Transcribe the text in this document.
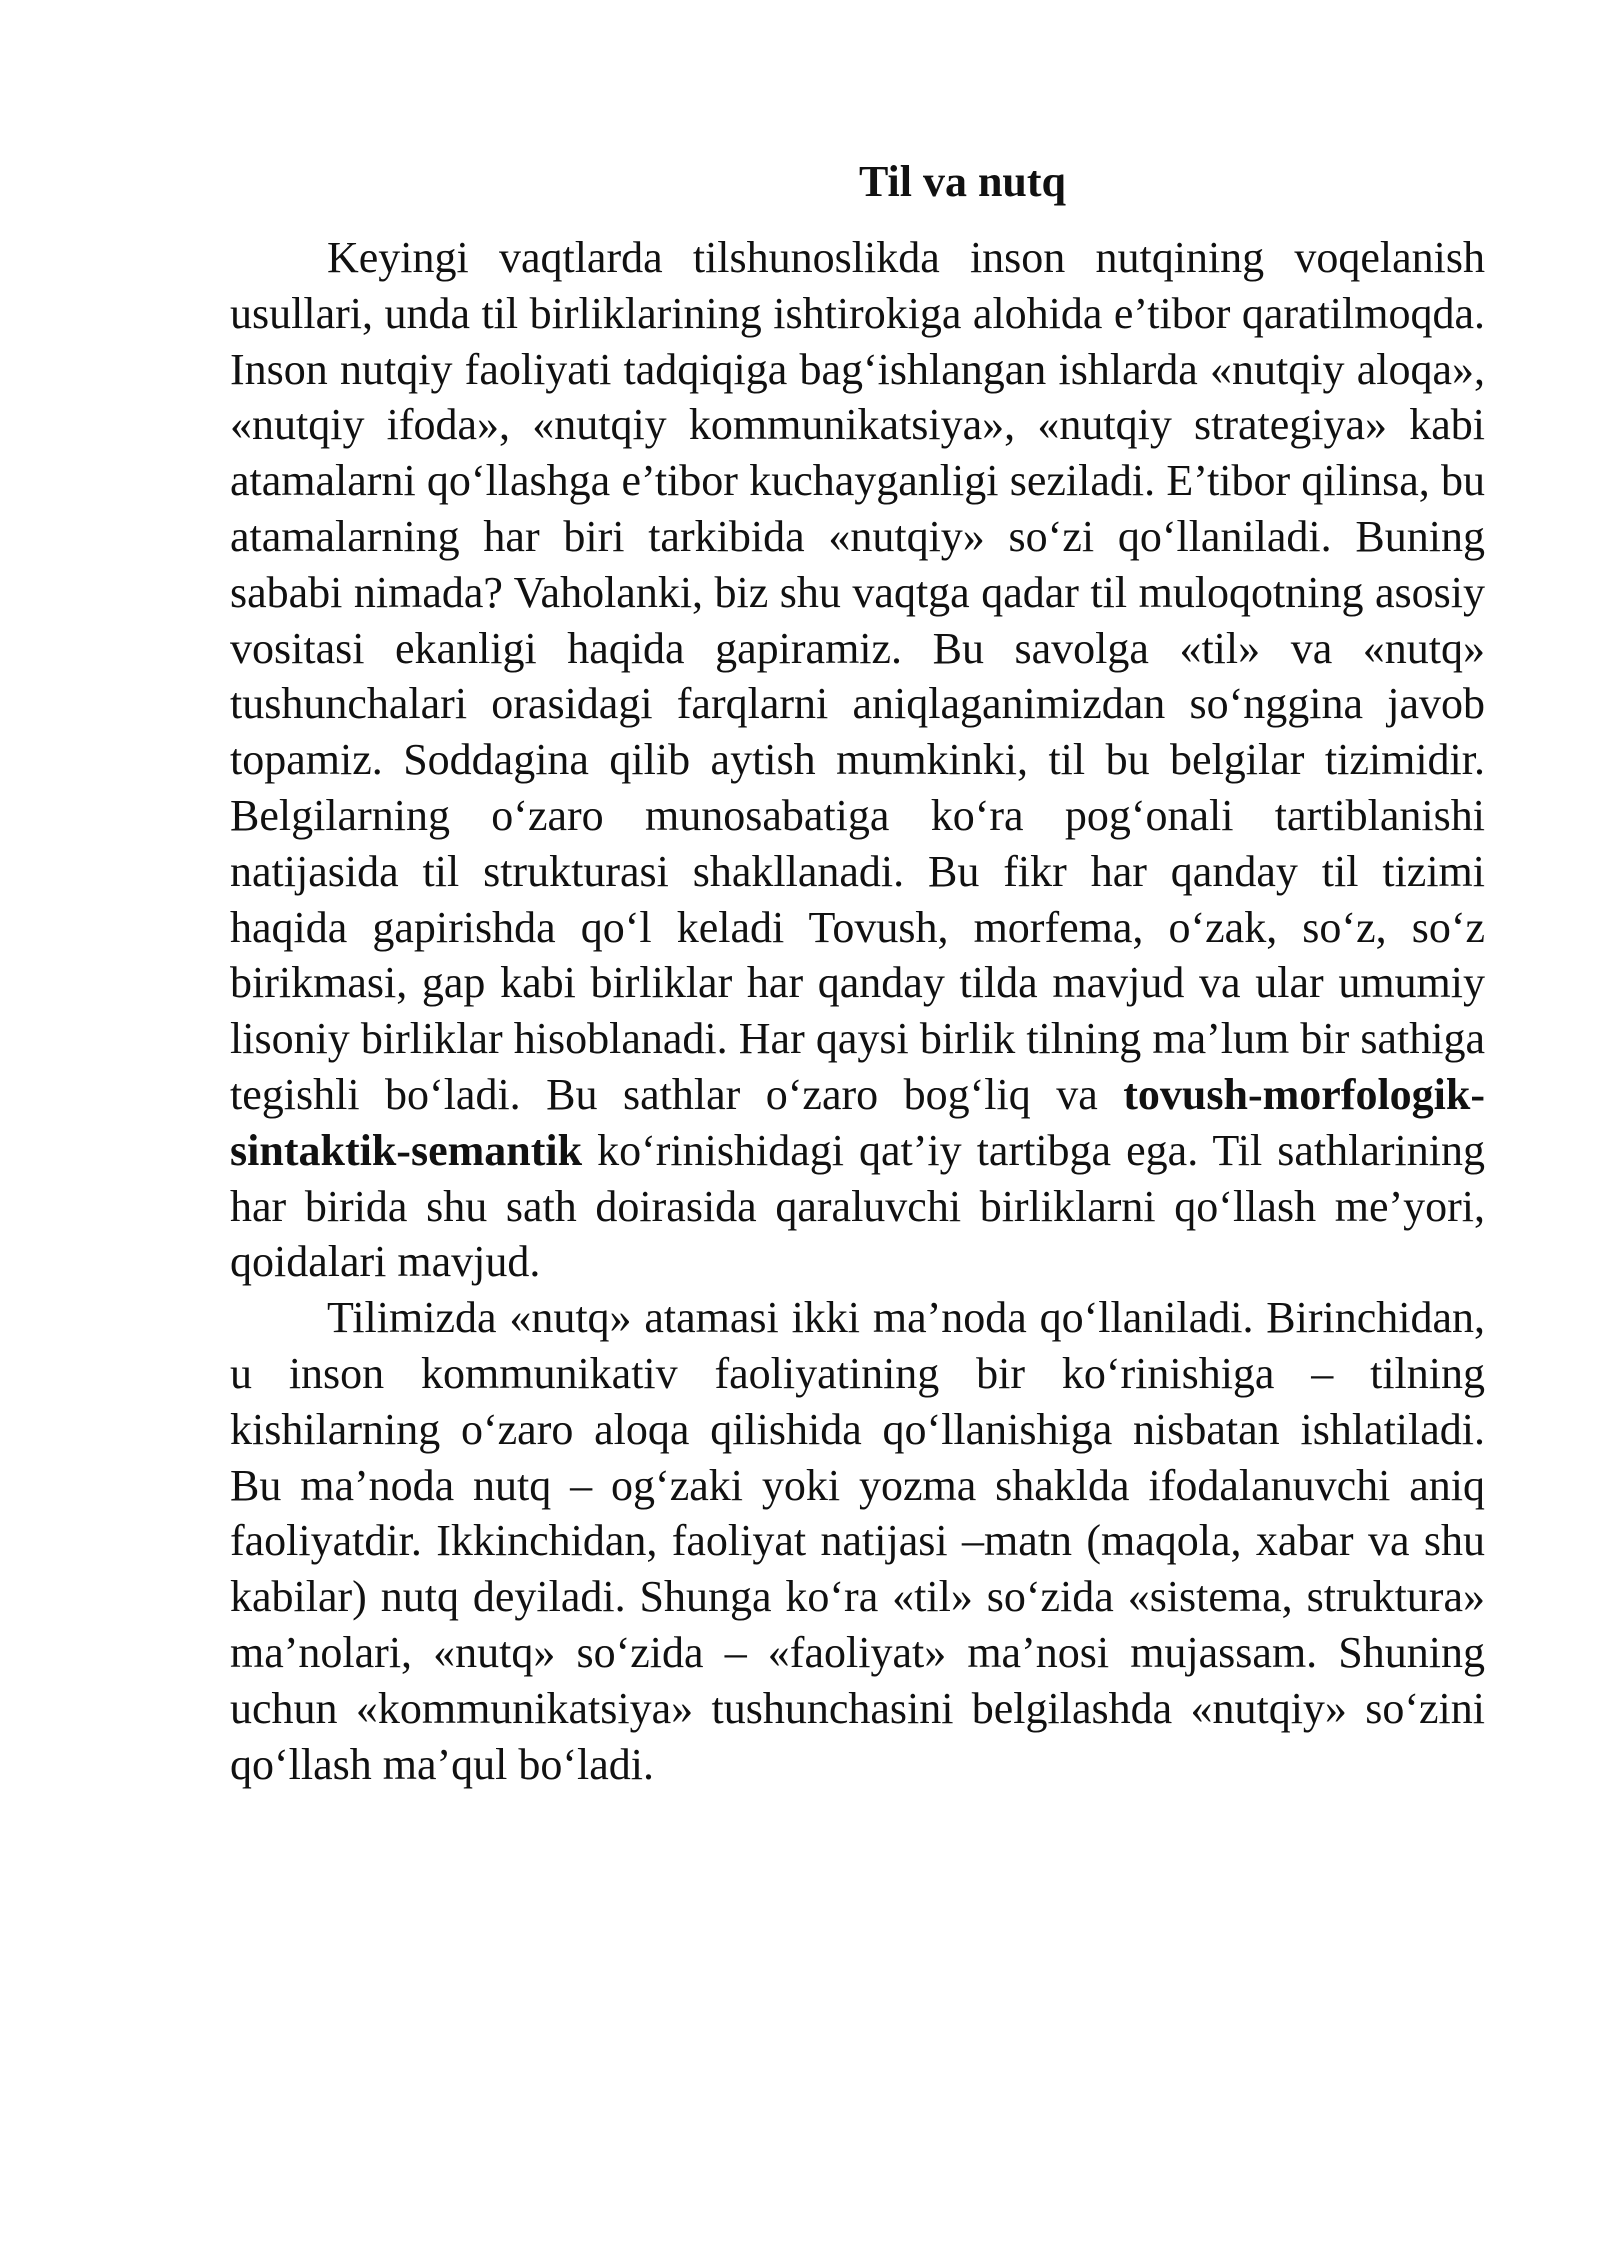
Til va nutq

Keyingi vaqtlarda tilshunoslikda inson nutqining voqelanish usullari, unda til birliklarining ishtirokiga alohida e’tibor qaratilmoqda. Inson nutqiy faoliyati tadqiqiga bag‘ishlangan ishlarda «nutqiy aloqa», «nutqiy ifoda», «nutqiy kommunikatsiya», «nutqiy strategiya» kabi atamalarni qo‘llashga e’tibor kuchayganligi seziladi. E’tibor qilinsa, bu atamalarning har biri tarkibida «nutqiy» so‘zi qo‘llaniladi. Buning sababi nimada? Vaholanki, biz shu vaqtga qadar til muloqotning asosiy vositasi ekanligi haqida gapiramiz. Bu savolga «til» va «nutq» tushunchalari orasidagi farqlarni aniqlaganimizdan so‘nggina javob topamiz. Soddagina qilib aytish mumkinki, til bu belgilar tizimidir. Belgilarning o‘zaro munosabatiga ko‘ra pog‘onali tartiblanishi natijasida til strukturasi shakllanadi. Bu fikr har qanday til tizimi haqida gapirishda qo‘l keladi Tovush, morfema, o‘zak, so‘z, so‘z birikmasi, gap kabi birliklar har qanday tilda mavjud va ular umumiy lisoniy birliklar hisoblanadi. Har qaysi birlik tilning ma’lum bir sathiga tegishli bo‘ladi. Bu sathlar o‘zaro bog‘liq va tovush-morfologik-sintaktik-semantik ko‘rinishidagi qat’iy tartibga ega. Til sathlarining har birida shu sath doirasida qaraluvchi birliklarni qo‘llash me’yori, qoidalari mavjud.

Tilimizda «nutq» atamasi ikki ma’noda qo‘llaniladi. Birinchidan, u inson kommunikativ faoliyatining bir ko‘rinishiga – tilning kishilarning o‘zaro aloqa qilishida qo‘llanishiga nisbatan ishlatiladi. Bu ma’noda nutq – og‘zaki yoki yozma shaklda ifodalanuvchi aniq faoliyatdir. Ikkinchidan, faoliyat natijasi –matn (maqola, xabar va shu kabilar) nutq deyiladi. Shunga ko‘ra «til» so‘zida «sistema, struktura» ma’nolari, «nutq» so‘zida – «faoliyat» ma’nosi mujassam. Shuning uchun «kommunikatsiya» tushunchasini belgilashda «nutqiy» so‘zini qo‘llash ma’qul bo‘ladi.
